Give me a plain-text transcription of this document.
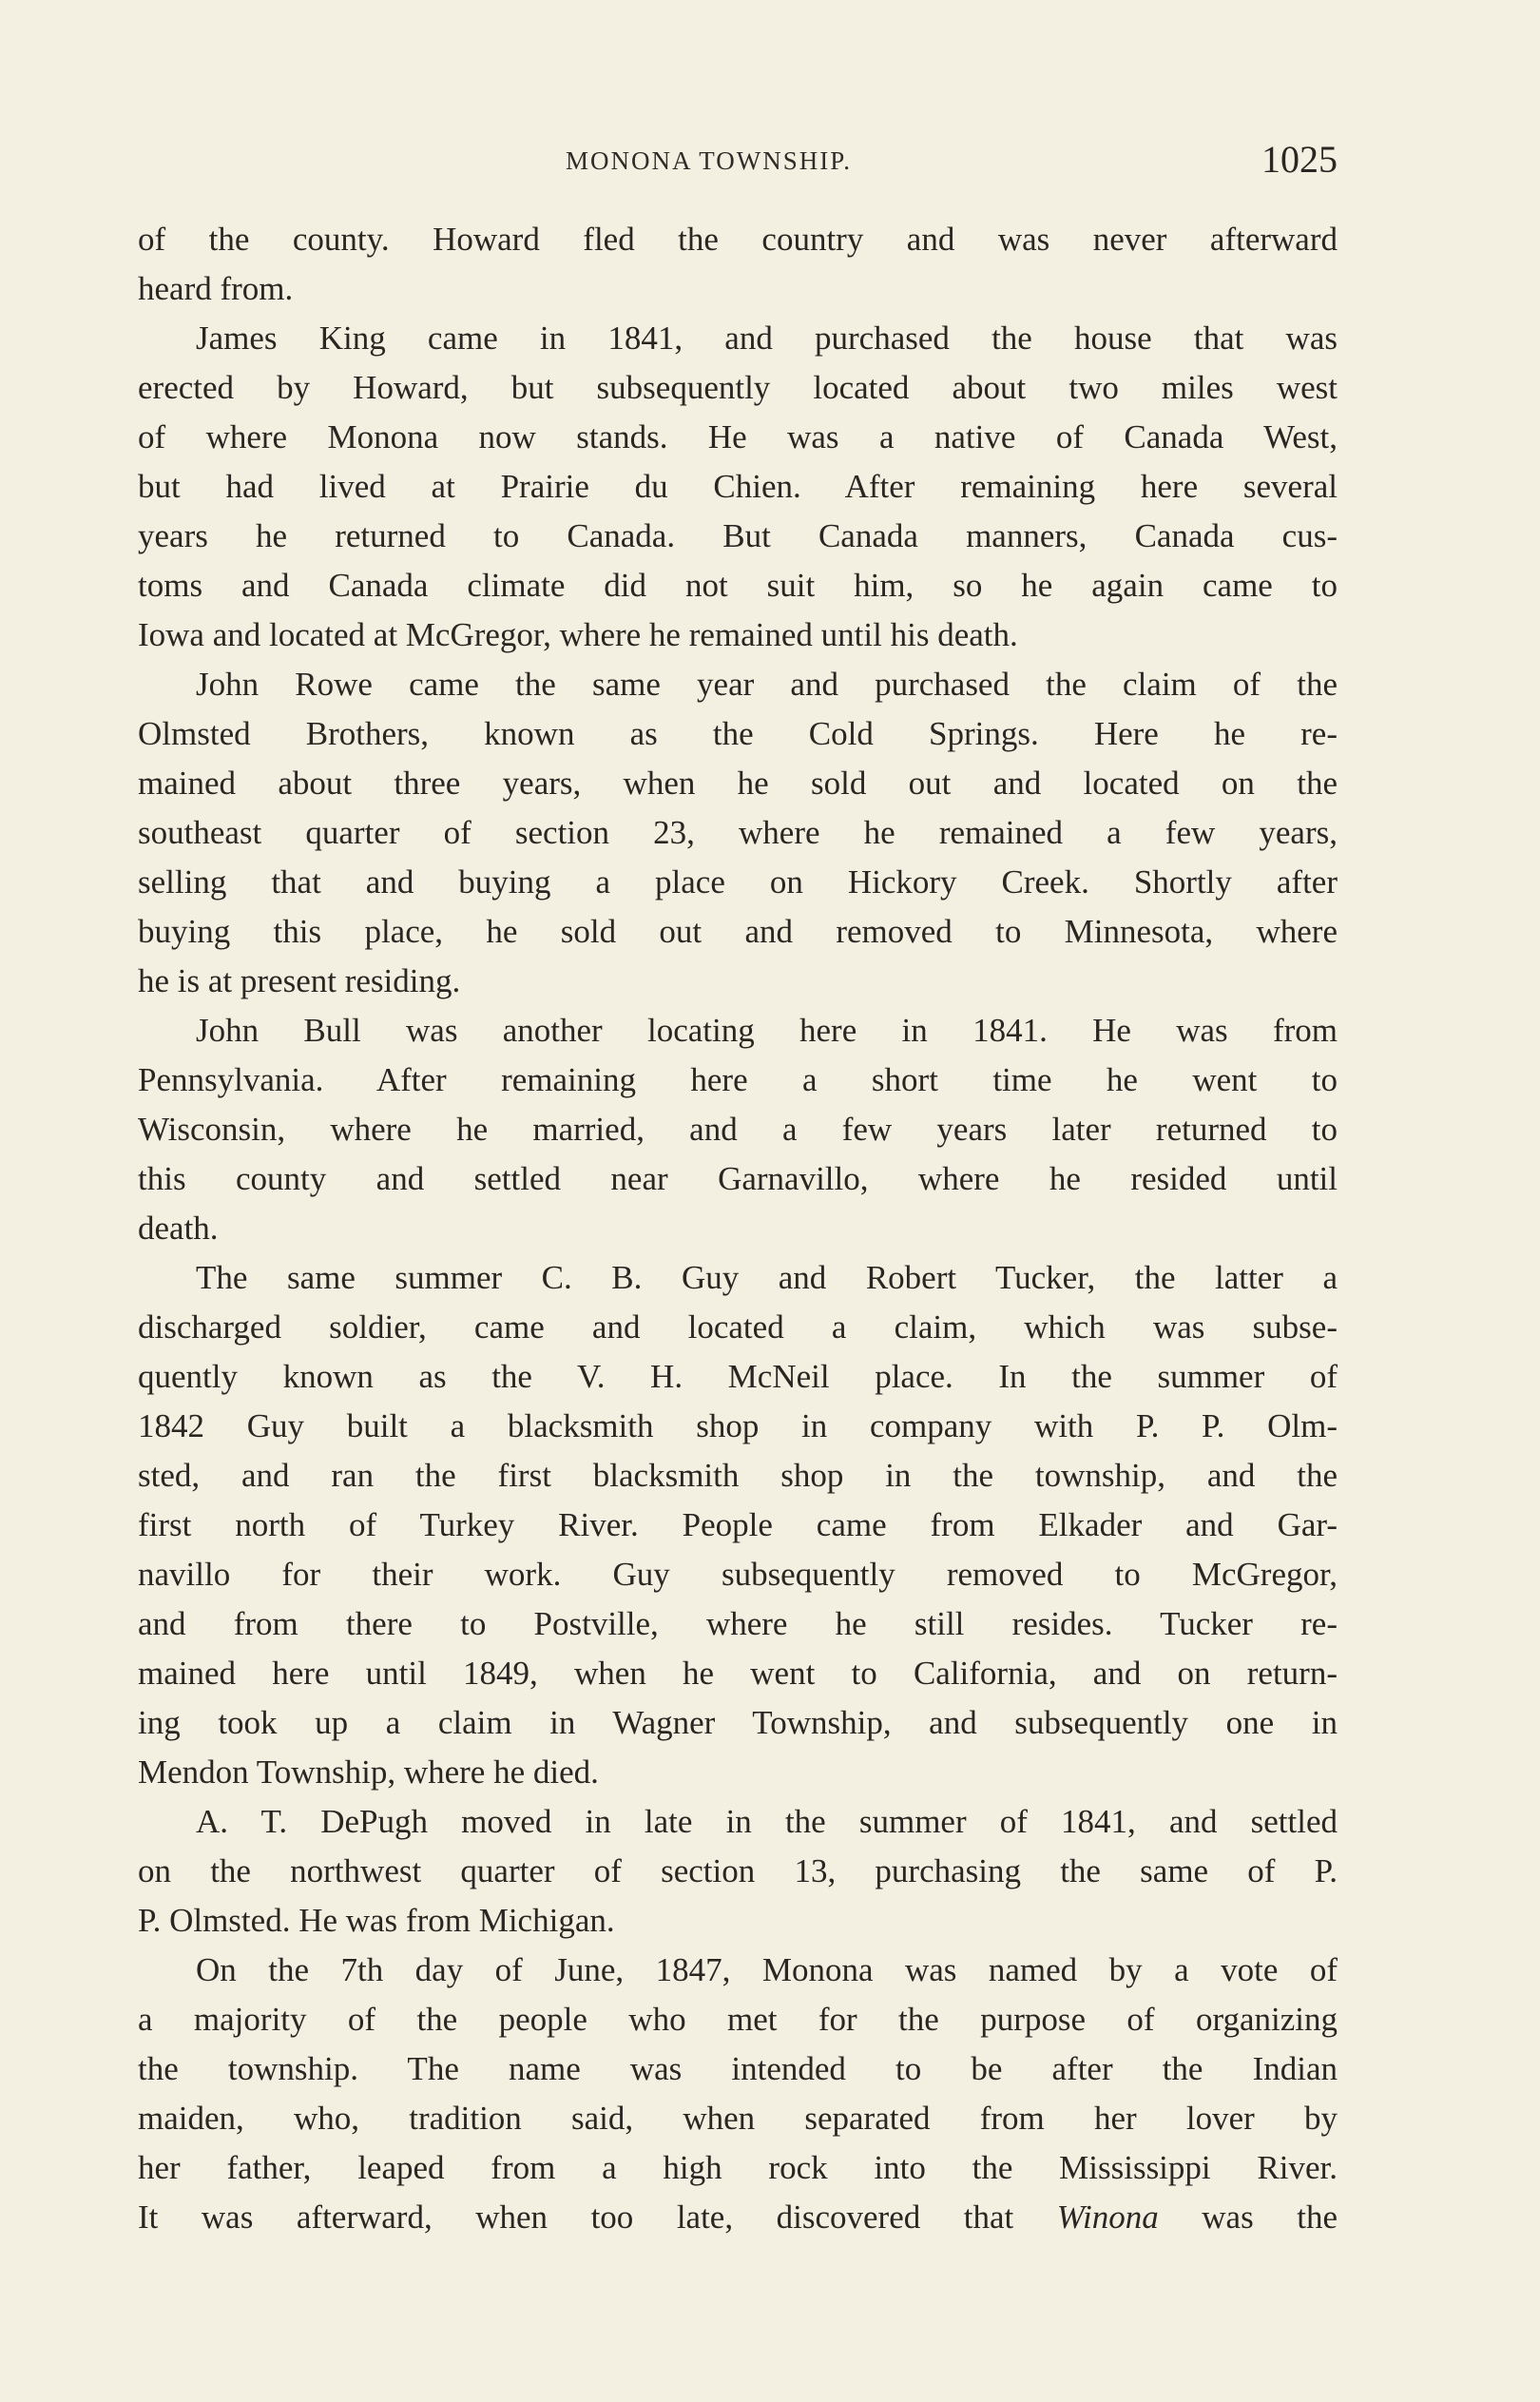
MONONA TOWNSHIP.	1025
of the county. Howard fled the country and was never afterward
heard from.
James King came in 1841, and purchased the house that was
erected by Howard, but subsequently located about two miles west
of where Monona now stands. He was a native of Canada West,
but had lived at Prairie du Chien. After remaining here several
years he returned to Canada. But Canada manners, Canada cus-
toms and Canada climate did not suit him, so he again came to
Iowa and located at McGregor, where he remained until his death.
John Rowe came the same year and purchased the claim of the
Olmsted Brothers, known as the Cold Springs. Here he re-
mained about three years, when he sold out and located on the
southeast quarter of section 23, where he remained a few years,
selling that and buying a place on Hickory Creek. Shortly after
buying this place, he sold out and removed to Minnesota, where
he is at present residing.
John Bull was another locating here in 1841. He was from
Pennsylvania. After remaining here a short time he went to
Wisconsin, where he married, and a few years later returned to
this county and settled near Garnavillo, where he resided until
death.
The same summer C. B. Guy and Robert Tucker, the latter a
discharged soldier, came and located a claim, which was subse-
quently known as the V. H. McNeil place. In the summer of
1842 Guy built a blacksmith shop in company with P. P. Olm-
sted, and ran the first blacksmith shop in the township, and the
first north of Turkey River. People came from Elkader and Gar-
navillo for their work. Guy subsequently removed to McGregor,
and from there to Postville, where he still resides. Tucker re-
mained here until 1849, when he went to California, and on return-
ing took up a claim in Wagner Township, and subsequently one in
Mendon Township, where he died.
A. T. DePugh moved in late in the summer of 1841, and settled
on the northwest quarter of section 13, purchasing the same of P.
P. Olmsted. He was from Michigan.
On the 7th day of June, 1847, Monona was named by a vote of
a majority of the people who met for the purpose of organizing
the township. The name was intended to be after the Indian
maiden, who, tradition said, when separated from her lover by
her father, leaped from a high rock into the Mississippi River.
It was afterward, when too late, discovered that Winona was the
